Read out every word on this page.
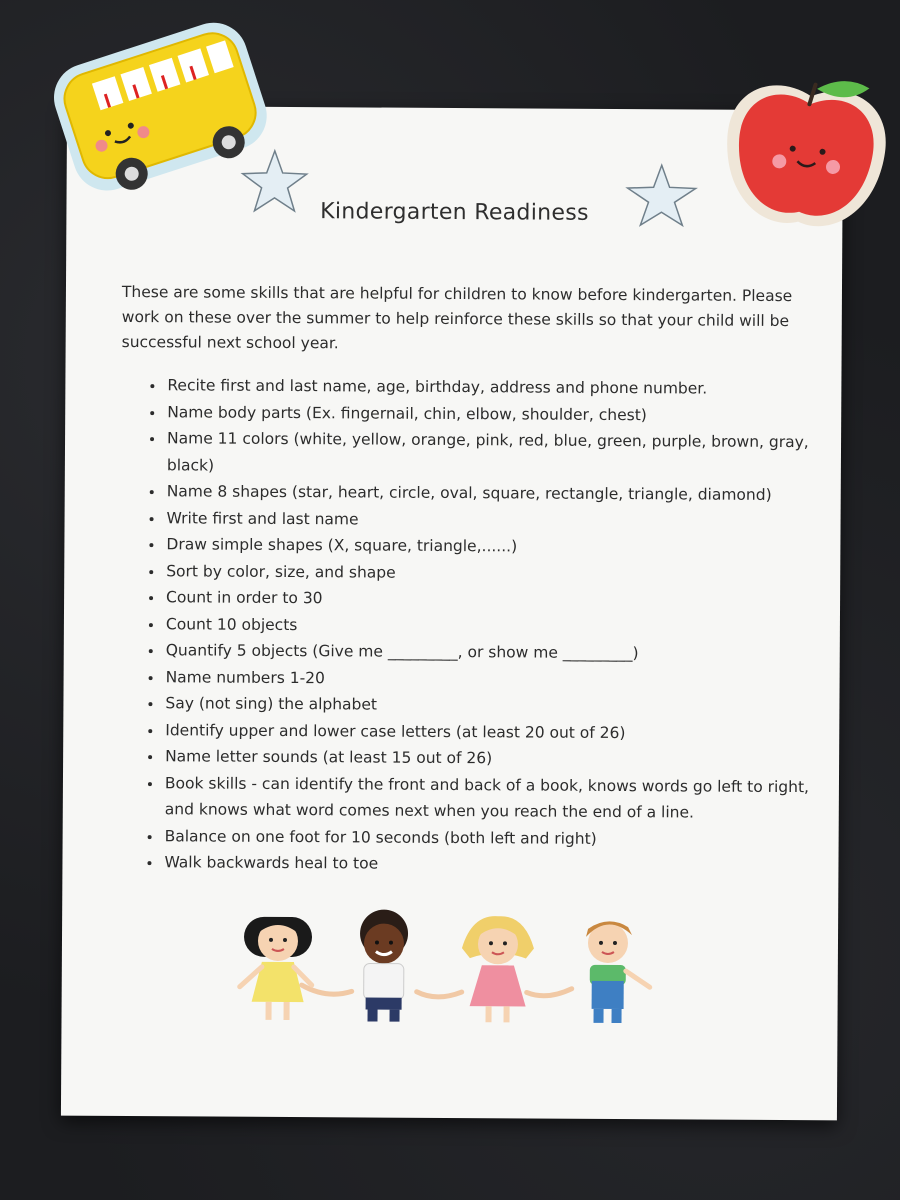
Kindergarten Readiness

These are some skills that are helpful for children to know before kindergarten. Please work on these over the summer to help reinforce these skills so that your child will be successful next school year.

• Recite first and last name, age, birthday, address and phone number.
• Name body parts (Ex. fingernail, chin, elbow, shoulder, chest)
• Name 11 colors (white, yellow, orange, pink, red, blue, green, purple, brown, gray, black)
• Name 8 shapes (star, heart, circle, oval, square, rectangle, triangle, diamond)
• Write first and last name
• Draw simple shapes (X, square, triangle,......)
• Sort by color, size, and shape
• Count in order to 30
• Count 10 objects
• Quantify 5 objects (Give me _________, or show me _________)
• Name numbers 1-20
• Say (not sing) the alphabet
• Identify upper and lower case letters (at least 20 out of 26)
• Name letter sounds (at least 15 out of 26)
• Book skills - can identify the front and back of a book, knows words go left to right, and knows what word comes next when you reach the end of a line.
• Balance on one foot for 10 seconds (both left and right)
• Walk backwards heal to toe
